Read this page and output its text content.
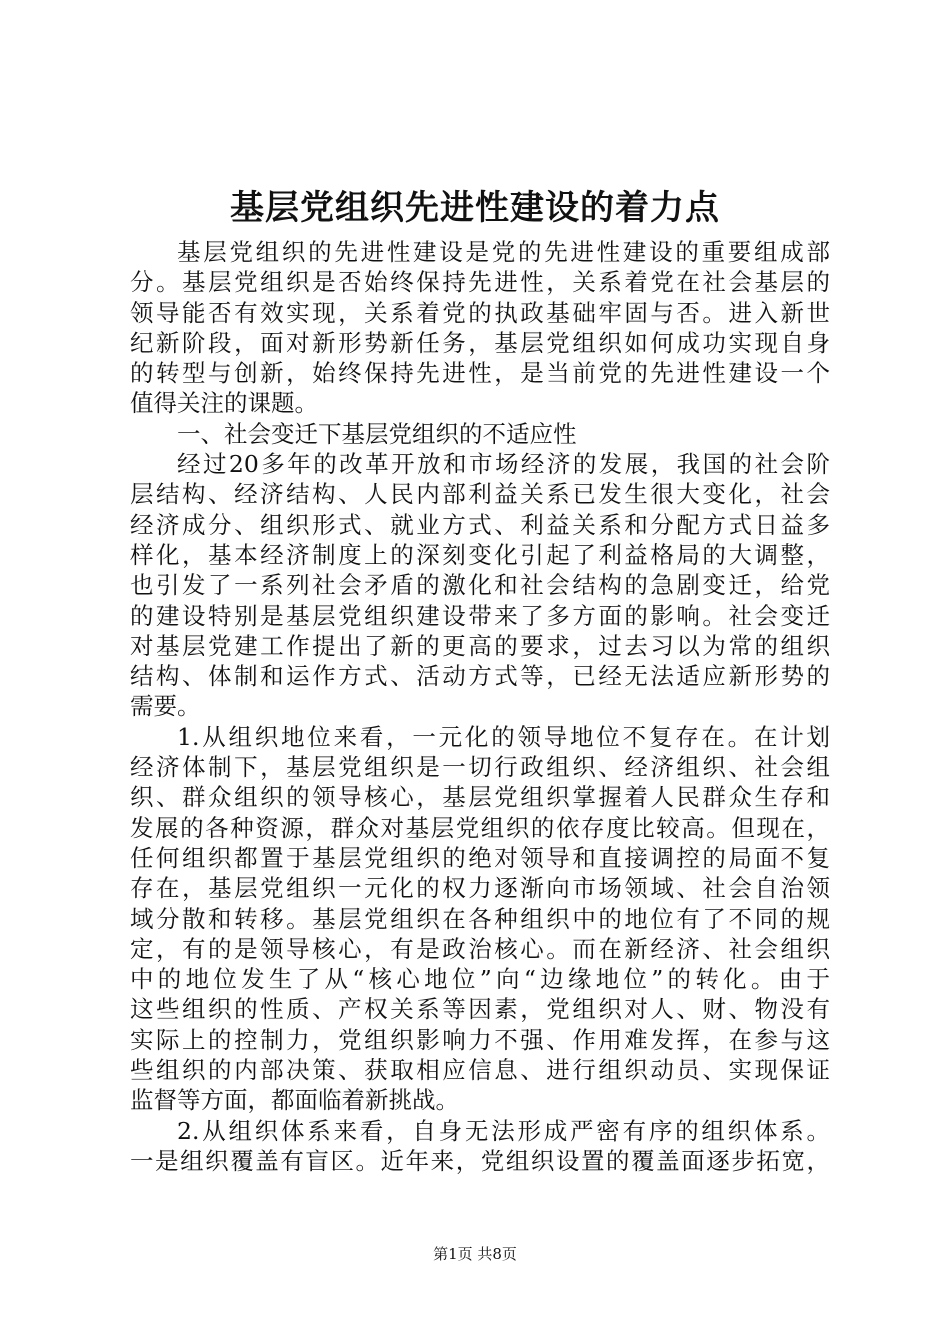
基层党组织先进性建设的着力点
基层党组织的先进性建设是党的先进性建设的重要组成部
分。基层党组织是否始终保持先进性，关系着党在社会基层的
领导能否有效实现，关系着党的执政基础牢固与否。进入新世
纪新阶段，面对新形势新任务，基层党组织如何成功实现自身
的转型与创新，始终保持先进性，是当前党的先进性建设一个
值得关注的课题。
一、社会变迁下基层党组织的不适应性
经过20多年的改革开放和市场经济的发展，我国的社会阶
层结构、经济结构、人民内部利益关系已发生很大变化，社会
经济成分、组织形式、就业方式、利益关系和分配方式日益多
样化，基本经济制度上的深刻变化引起了利益格局的大调整，
也引发了一系列社会矛盾的激化和社会结构的急剧变迁，给党
的建设特别是基层党组织建设带来了多方面的影响。社会变迁
对基层党建工作提出了新的更高的要求，过去习以为常的组织
结构、体制和运作方式、活动方式等，已经无法适应新形势的
需要。
1.从组织地位来看，一元化的领导地位不复存在。在计划
经济体制下，基层党组织是一切行政组织、经济组织、社会组
织、群众组织的领导核心，基层党组织掌握着人民群众生存和
发展的各种资源，群众对基层党组织的依存度比较高。但现在，
任何组织都置于基层党组织的绝对领导和直接调控的局面不复
存在，基层党组织一元化的权力逐渐向市场领域、社会自治领
域分散和转移。基层党组织在各种组织中的地位有了不同的规
定，有的是领导核心，有是政治核心。而在新经济、社会组织
中的地位发生了从“核心地位”向“边缘地位”的转化。由于
这些组织的性质、产权关系等因素，党组织对人、财、物没有
实际上的控制力，党组织影响力不强、作用难发挥，在参与这
些组织的内部决策、获取相应信息、进行组织动员、实现保证
监督等方面，都面临着新挑战。
2.从组织体系来看，自身无法形成严密有序的组织体系。
一是组织覆盖有盲区。近年来，党组织设置的覆盖面逐步拓宽，
第1页 共8页
